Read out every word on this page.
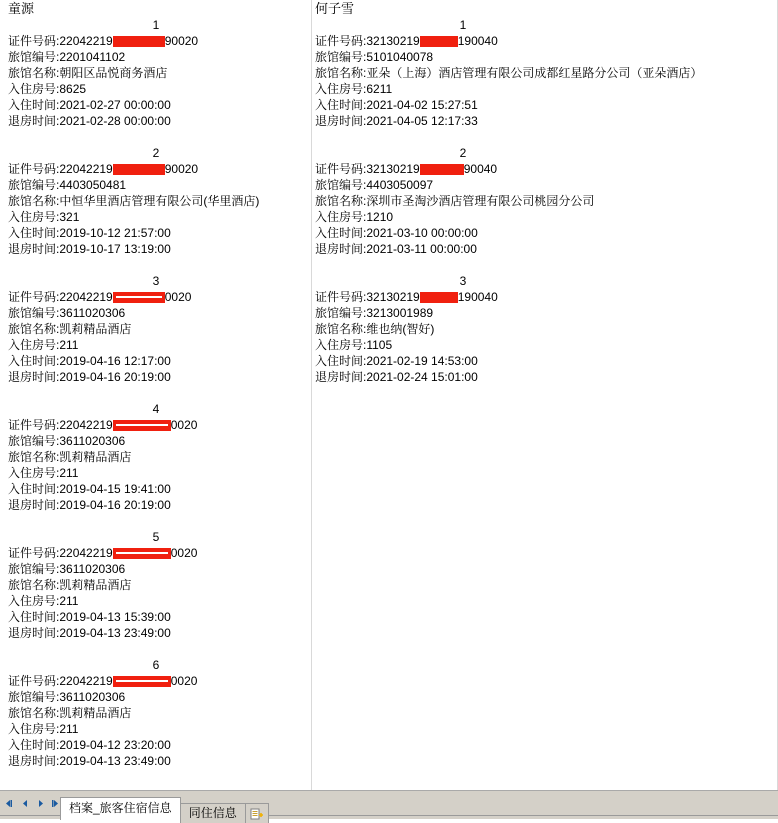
童源
1
证件号码:22042219	90020
旅馆编号:2201041102
旅馆名称:朝阳区品悦商务酒店
入住房号:8625
入住时间:2021-02-27 00:00:00
退房时间:2021-02-28 00:00:00
2
证件号码:22042219	90020
旅馆编号:4403050481
旅馆名称:中恒华里酒店管理有限公司(华里酒店)
入住房号:321
入住时间:2019-10-12 21:57:00
退房时间:2019-10-17 13:19:00
3
证件号码:22042219	0020
旅馆编号:3611020306
旅馆名称:凯莉精品酒店
入住房号:211
入住时间:2019-04-16 12:17:00
退房时间:2019-04-16 20:19:00
4
证件号码:22042219	0020
旅馆编号:3611020306
旅馆名称:凯莉精品酒店
入住房号:211
入住时间:2019-04-15 19:41:00
退房时间:2019-04-16 20:19:00
5
证件号码:22042219	0020
旅馆编号:3611020306
旅馆名称:凯莉精品酒店
入住房号:211
入住时间:2019-04-13 15:39:00
退房时间:2019-04-13 23:49:00
6
证件号码:22042219	0020
旅馆编号:3611020306
旅馆名称:凯莉精品酒店
入住房号:211
入住时间:2019-04-12 23:20:00
退房时间:2019-04-13 23:49:00
何子雪
1
证件号码:32130219	190040
旅馆编号:5101040078
旅馆名称:亚朵（上海）酒店管理有限公司成都红星路分公司（亚朵酒店）
入住房号:6211
入住时间:2021-04-02 15:27:51
退房时间:2021-04-05 12:17:33
2
证件号码:32130219	90040
旅馆编号:4403050097
旅馆名称:深圳市圣淘沙酒店管理有限公司桃园分公司
入住房号:1210
入住时间:2021-03-10 00:00:00
退房时间:2021-03-11 00:00:00
3
证件号码:32130219	190040
旅馆编号:3213001989
旅馆名称:维也纳(智好)
入住房号:1105
入住时间:2021-02-19 14:53:00
退房时间:2021-02-24 15:01:00
档案_旅客住宿信息	同住信息
